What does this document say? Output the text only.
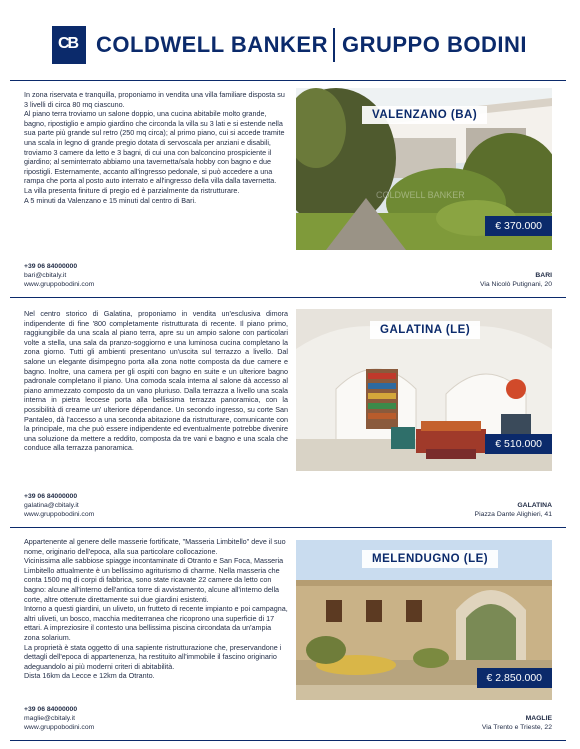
CB COLDWELL BANKER GRUPPO BODINI

In zona riservata e tranquilla, proponiamo in vendita una villa familiare disposta su 3 livelli di circa 80 mq ciascuno.

Al piano terra troviamo un salone doppio, una cucina abitabile molto grande, bagno, ripostiglio e ampio giardino che circonda la villa su 3 lati e si estende nella sua parte più grande sul retro (250 mq circa); al primo piano, cui si accede tramite una scala in legno di grande pregio dotata di servoscala per anziani e disabili, troviamo 3 camere da letto e 3 bagni, di cui una con balconcino prospiciente il giardino; al seminterrato abbiamo una tavernetta/sala hobby con bagno e due ripostigli. Esternamente, accanto all'ingresso pedonale, si può accedere a una rampa che porta al posto auto interrato e all'ingresso della villa dalla tavernetta.

La villa presenta finiture di pregio ed è parzialmente da ristrutturare.

A 5 minuti da Valenzano e 15 minuti dal centro di Bari.

COLDWELL BANKER
VALENZANO (BA)
€ 370.000
+39 06 84000000
bari@cbitaly.it
www.gruppobodini.com
BARI
Via Nicolò Putignani, 20

Nel centro storico di Galatina, proponiamo in vendita un'esclusiva dimora indipendente di fine '800 completamente ristrutturata di recente. Il piano primo, raggiungibile da una scala al piano terra, apre su un ampio salone con particolari volte a stella, una sala da pranzo-soggiorno e una luminosa cucina completano la zona giorno. Tutti gli ambienti presentano un'uscita sul terrazzo a livello. Dal salone un elegante disimpegno porta alla zona notte composta da due camere e bagno. Inoltre, una camera per gli ospiti con bagno en suite e un ulteriore bagno padronale completano il piano. Una comoda scala interna al salone dà accesso al piano ammezzato composto da un vano pluriuso. Dalla terrazza a livello una scala interna in pietra leccese porta alla bellissima terrazza panoramica, con la possibilità di crearne un' ulteriore dépendance. Un secondo ingresso, su corte San Pantaleo, dà l'accesso a una seconda abitazione da ristrutturare, comunicante con la principale, ma che può essere indipendente ed eventualmente potrebbe divenire una soluzione da mettere a reddito, composta da tre vani e bagno e una scala che conduce alla terrazza panoramica.

GALATINA (LE)
€ 510.000
+39 06 84000000
galatina@cbitaly.it
www.gruppobodini.com
GALATINA
Piazza Dante Alighieri, 41

Appartenente al genere delle masserie fortificate, "Masseria Limbitello" deve il suo nome, originario dell'epoca, alla sua particolare collocazione.

Vicinissima alle sabbiose spiagge incontaminate di Otranto e San Foca, Masseria Limbitello attualmente è un bellissimo agriturismo di charme. Nella masseria che conta 1500 mq di corpi di fabbrica, sono state ricavate 22 camere da letto con bagno: alcune all'interno dell'antica torre di avvistamento, alcune all'interno della corte, altre ottenute direttamente sui due giardini esistenti.

Intorno a questi giardini, un uliveto, un frutteto di recente impianto e poi campagna, altri uliveti, un bosco, macchia mediterranea che ricoprono una superficie di 17 ettari. A impreziosire il contesto una bellissima piscina circondata da un'ampia zona solarium.

La proprietà è stata oggetto di una sapiente ristrutturazione che, preservandone i dettagli dell'epoca di appartenenza, ha restituito all'immobile il fascino originario adeguandolo ai più moderni criteri di abitabilità.

Dista 16km da Lecce e 12km da Otranto.

MELENDUGNO (LE)
€ 2.850.000
+39 06 84000000
maglie@cbitaly.it
www.gruppobodini.com
MAGLIE
Via Trento e Trieste, 22
